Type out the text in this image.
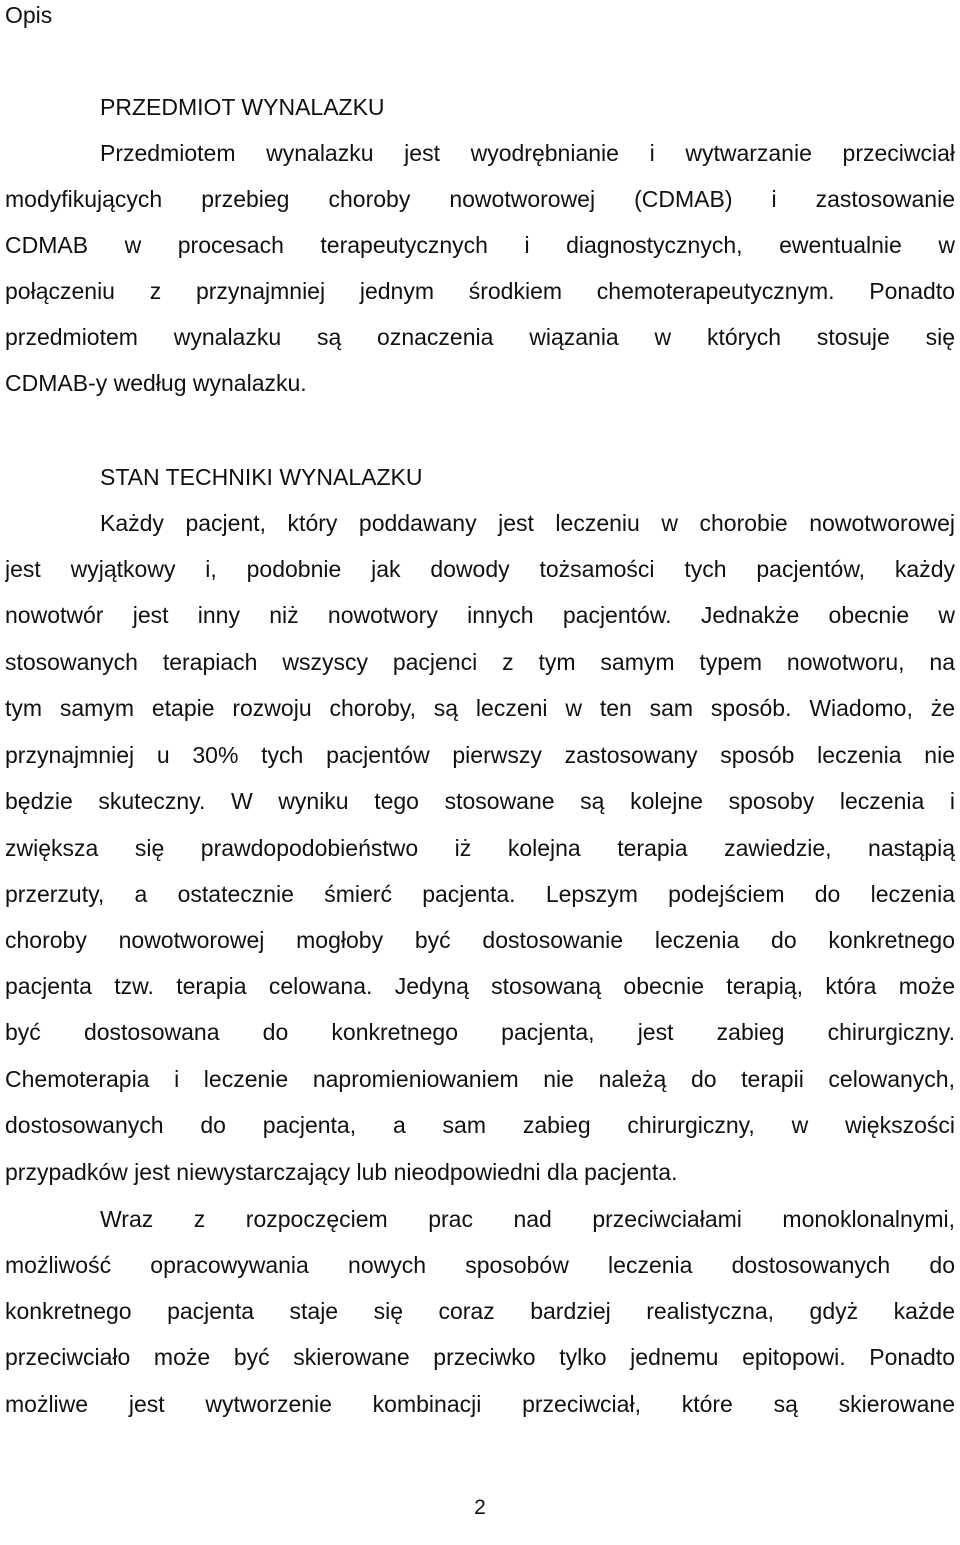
Opis
PRZEDMIOT WYNALAZKU
Przedmiotem wynalazku jest wyodrębnianie i wytwarzanie przeciwciał
modyfikujących przebieg choroby nowotworowej (CDMAB) i zastosowanie
CDMAB w procesach terapeutycznych i diagnostycznych, ewentualnie w
połączeniu z przynajmniej jednym środkiem chemoterapeutycznym. Ponadto
przedmiotem wynalazku są oznaczenia wiązania w których stosuje się
CDMAB-y według wynalazku.
STAN TECHNIKI WYNALAZKU
Każdy pacjent, który poddawany jest leczeniu w chorobie nowotworowej
jest wyjątkowy i, podobnie jak dowody tożsamości tych pacjentów, każdy
nowotwór jest inny niż nowotwory innych pacjentów. Jednakże obecnie w
stosowanych terapiach wszyscy pacjenci z tym samym typem nowotworu, na
tym samym etapie rozwoju choroby, są leczeni w ten sam sposób. Wiadomo, że
przynajmniej u 30% tych pacjentów pierwszy zastosowany sposób leczenia nie
będzie skuteczny. W wyniku tego stosowane są kolejne sposoby leczenia i
zwiększa się prawdopodobieństwo iż kolejna terapia zawiedzie, nastąpią
przerzuty, a ostatecznie śmierć pacjenta. Lepszym podejściem do leczenia
choroby nowotworowej mogłoby być dostosowanie leczenia do konkretnego
pacjenta tzw. terapia celowana. Jedyną stosowaną obecnie terapią, która może
być dostosowana do konkretnego pacjenta, jest zabieg chirurgiczny.
Chemoterapia i leczenie napromieniowaniem nie należą do terapii celowanych,
dostosowanych do pacjenta, a sam zabieg chirurgiczny, w większości
przypadków jest niewystarczający lub nieodpowiedni dla pacjenta.
Wraz z rozpoczęciem prac nad przeciwciałami monoklonalnymi,
możliwość opracowywania nowych sposobów leczenia dostosowanych do
konkretnego pacjenta staje się coraz bardziej realistyczna, gdyż każde
przeciwciało może być skierowane przeciwko tylko jednemu epitopowi. Ponadto
możliwe jest wytworzenie kombinacji przeciwciał, które są skierowane
2
